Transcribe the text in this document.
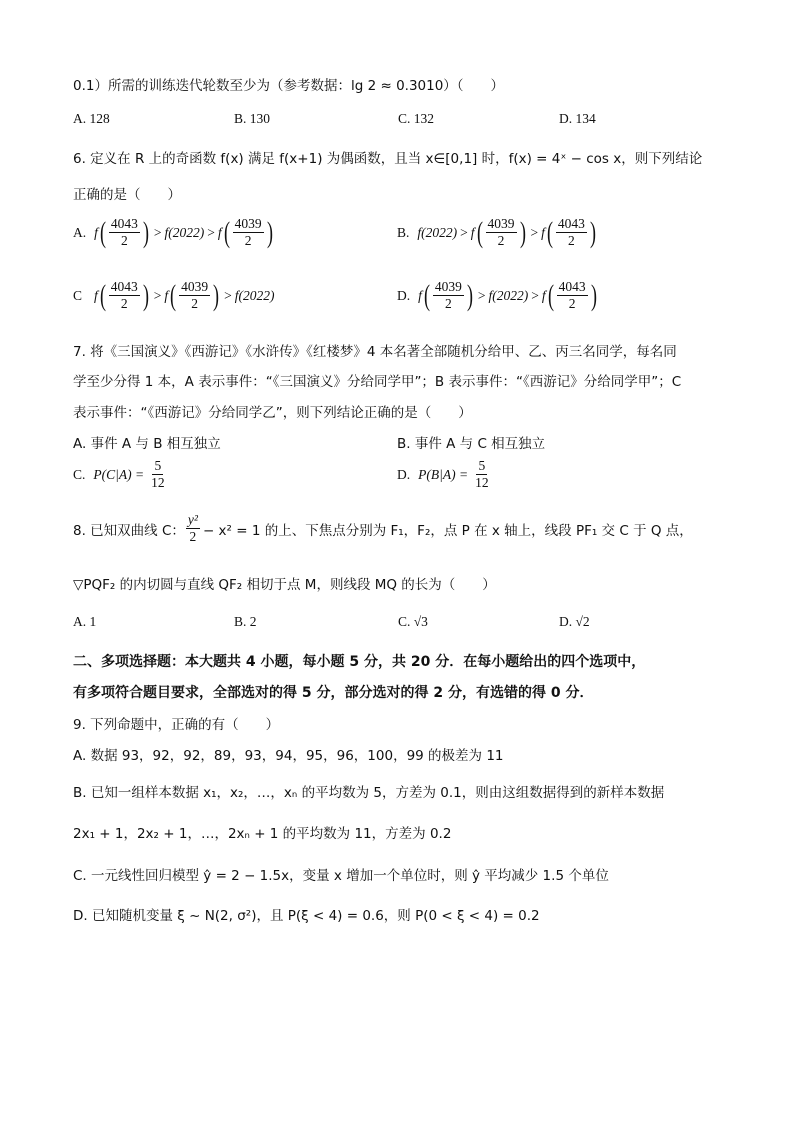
0.1）所需的训练迭代轮数至少为（参考数据：lg 2 ≈ 0.3010）（　　）
A. 128	B. 130	C. 132	D. 134
6. 定义在 R 上的奇函数 f(x) 满足 f(x+1) 为偶函数，且当 x∈[0,1] 时，f(x) = 4ˣ − cos x，则下列结论
正确的是（　　）
A. f ( $\frac{4043}{2}$ ) > f(2022) > f ( $\frac{4039}{2}$ )	B. f(2022) > f ( $\frac{4039}{2}$ ) > f ( $\frac{4043}{2}$ )
C f ( $\frac{4043}{2}$ ) > f ( $\frac{4039}{2}$ ) > f(2022)	D. f ( $\frac{4039}{2}$ ) > f(2022) > f ( $\frac{4043}{2}$ )
7. 将《三国演义》《西游记》《水浒传》《红楼梦》4 本名著全部随机分给甲、乙、丙三名同学，每名同
学至少分得 1 本，A 表示事件：“《三国演义》分给同学甲”；B 表示事件：“《西游记》分给同学甲”；C
表示事件：“《西游记》分给同学乙”，则下列结论正确的是（　　）
A. 事件 A 与 B 相互独立	B. 事件 A 与 C 相互独立
C. $P(C|A) = \frac{5}{12}$	D. $P(B|A) = \frac{5}{12}$
8. 已知双曲线 C： $\frac{\text{y²}}{2} - x^2 = 1$ 的上、下焦点分别为 F₁，F₂，点 P 在 x 轴上，线段 PF₁ 交 C 于 Q 点，
▽PQF₂ 的内切圆与直线 QF₂ 相切于点 M，则线段 MQ 的长为（　　）
A. 1	B. 2	C. √3	D. √2
二、多项选择题：本大题共 4 小题，每小题 5 分，共 20 分．在每小题给出的四个选项中，
有多项符合题目要求，全部选对的得 5 分，部分选对的得 2 分，有选错的得 0 分．
9. 下列命题中，正确的有（　　）
A. 数据 93，92，92，89，93，94，95，96，100，99 的极差为 11
B. 已知一组样本数据 x₁，x₂，…，xₙ 的平均数为 5，方差为 0.1，则由这组数据得到的新样本数据
2x₁ + 1，2x₂ + 1，…，2xₙ + 1 的平均数为 11，方差为 0.2
C. 一元线性回归模型 ŷ = 2 − 1.5x，变量 x 增加一个单位时，则 ŷ 平均减少 1.5 个单位
D. 已知随机变量 ξ ~ N(2, σ²)，且 P(ξ < 4) = 0.6，则 P(0 < ξ < 4) = 0.2
